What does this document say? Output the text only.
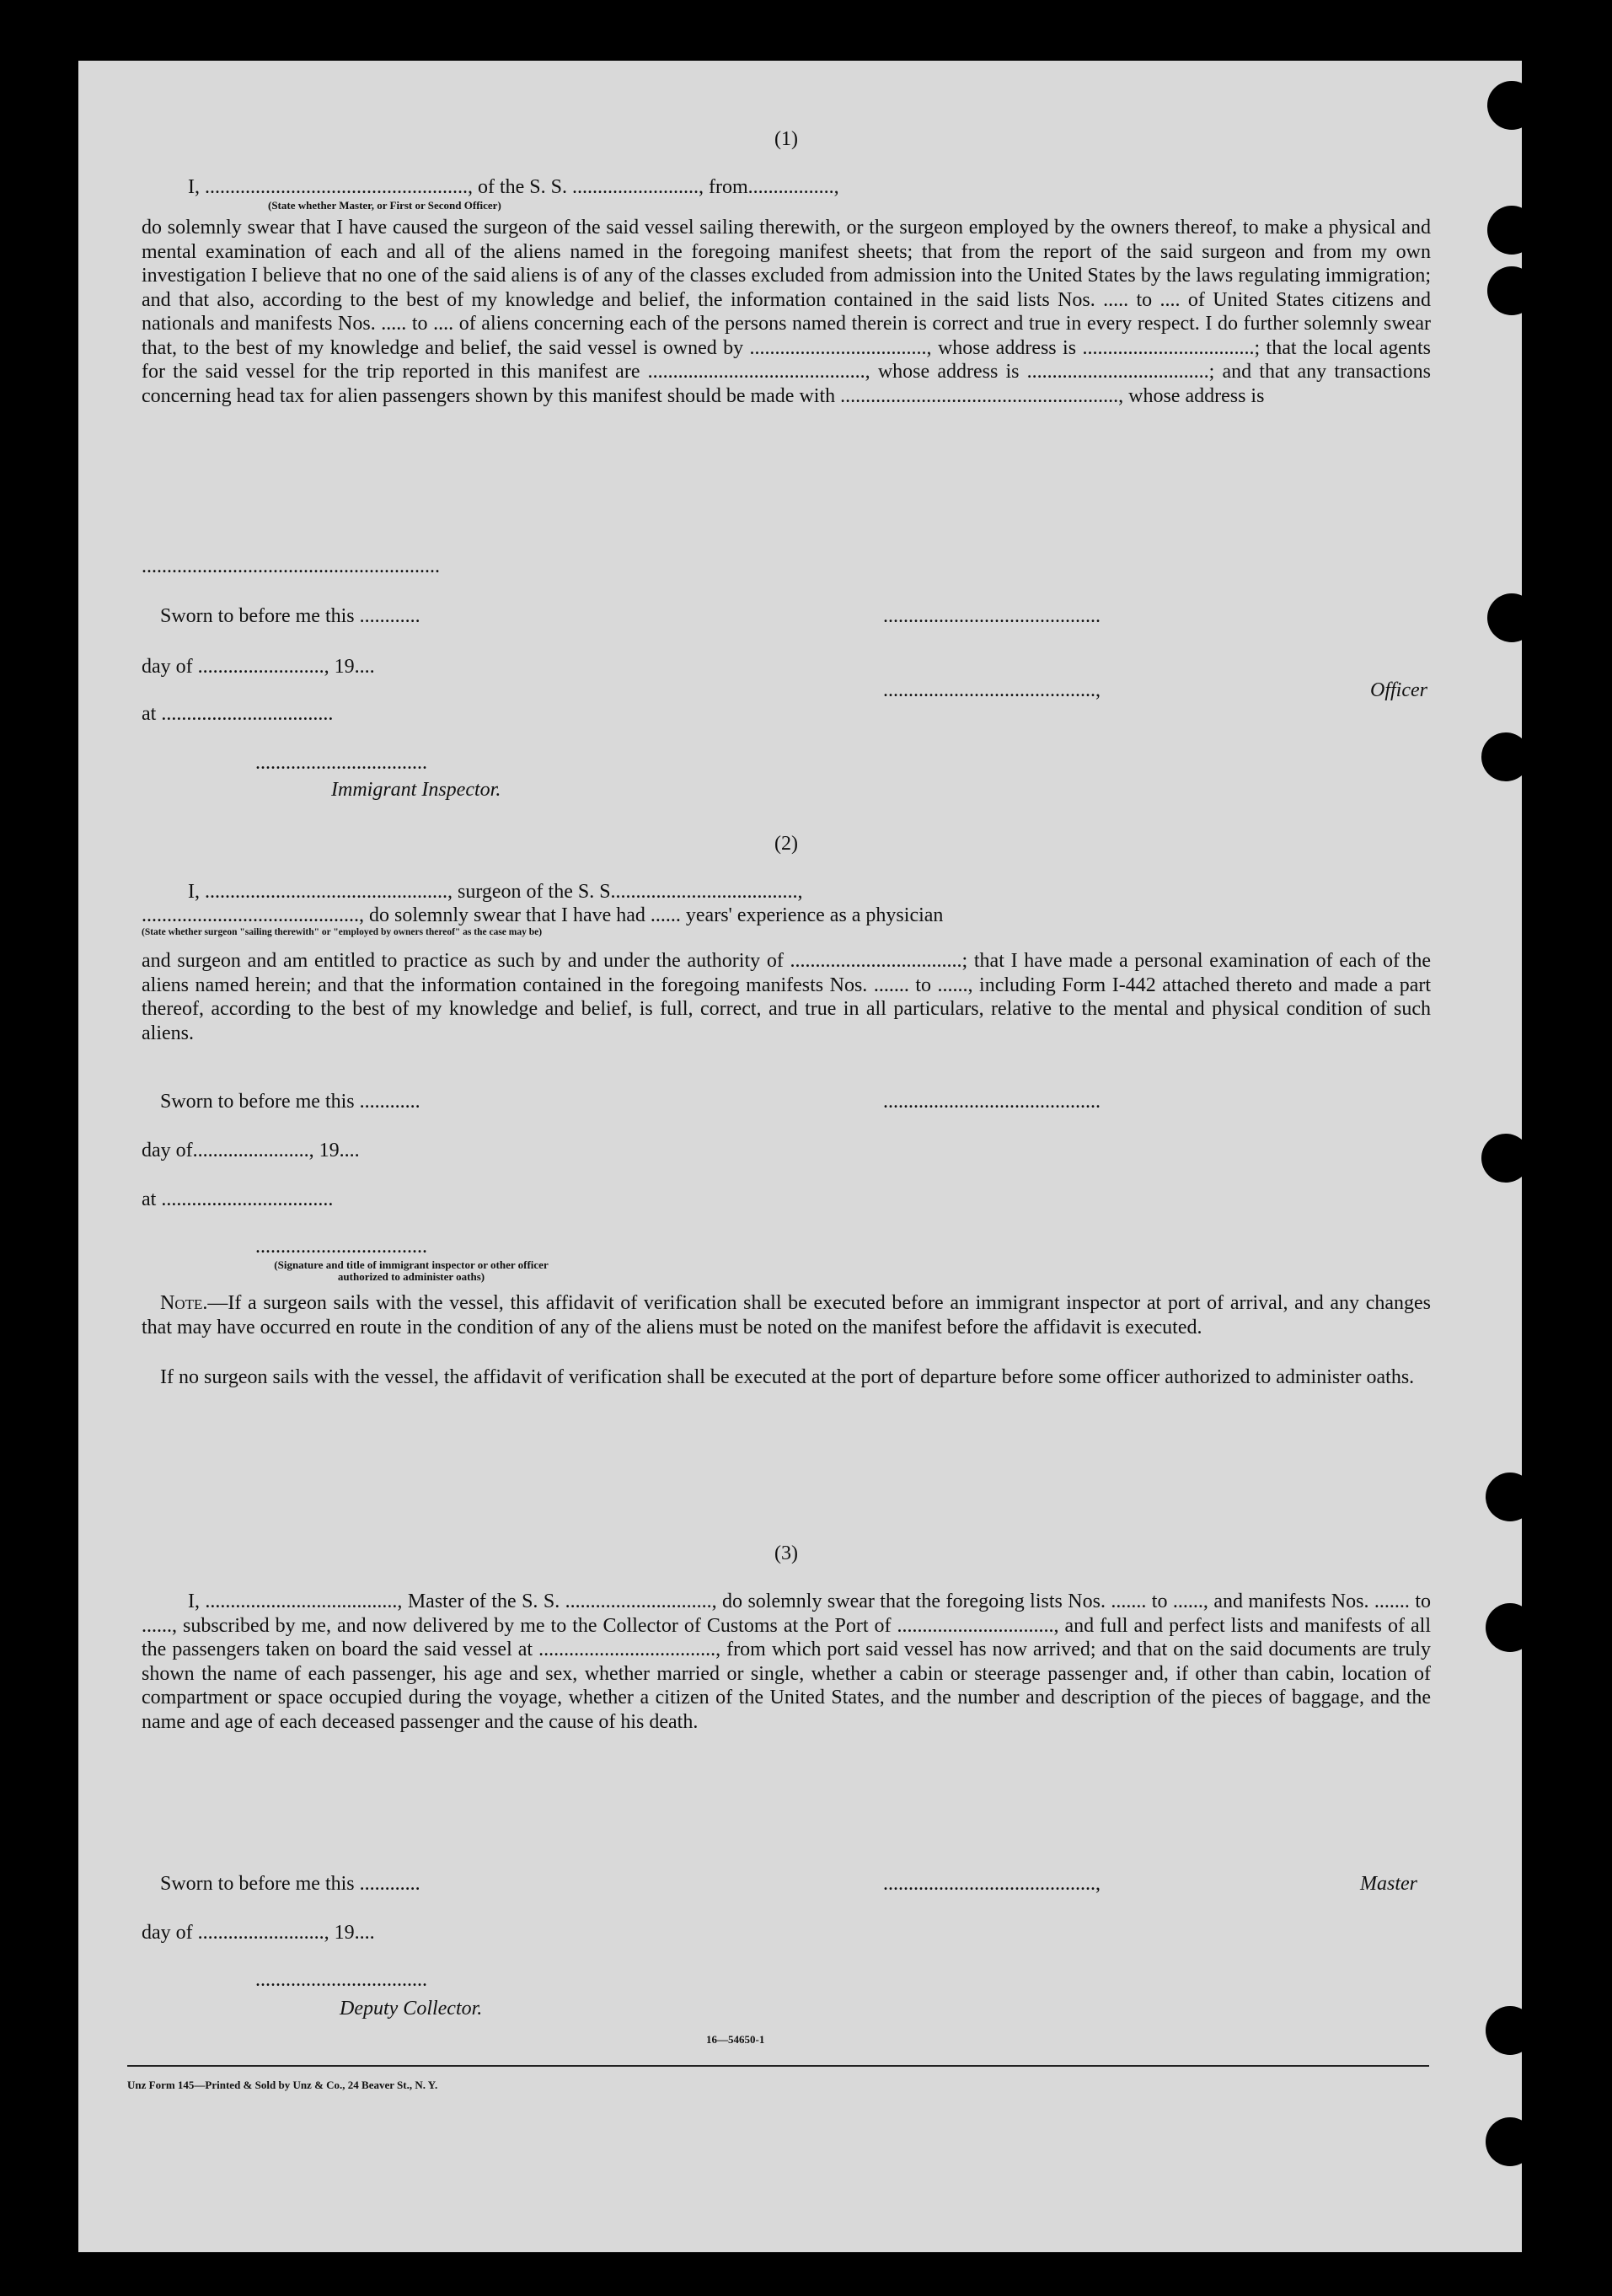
(1)
I, ...................................................., of the S. S. ........................., from.................,
(State whether Master, or First or Second Officer)
do solemnly swear that I have caused the surgeon of the said vessel sailing therewith, or the surgeon employed by the owners thereof, to make a physical and mental examination of each and all of the aliens named in the foregoing manifest sheets; that from the report of the said surgeon and from my own investigation I believe that no one of the said aliens is of any of the classes excluded from admission into the United States by the laws regulating immigration; and that also, according to the best of my knowledge and belief, the information contained in the said lists Nos. ..... to .... of United States citizens and nationals and manifests Nos. ..... to .... of aliens concerning each of the persons named therein is correct and true in every respect. I do further solemnly swear that, to the best of my knowledge and belief, the said vessel is owned by ..................................., whose address is ..................................; that the local agents for the said vessel for the trip reported in this manifest are ..........................................., whose address is ....................................; and that any transactions concerning head tax for alien passengers shown by this manifest should be made with ......................................................., whose address is
...........................................................
Sworn to before me this ............	...........................................
day of ........................., 19....
..........................................,	Officer
at ..................................
..................................
Immigrant Inspector.
(2)
I, ................................................, surgeon of the S. S.....................................,
..........................................., do solemnly swear that I have had ...... years' experience as a physician
(State whether surgeon "sailing therewith" or "employed by owners thereof" as the case may be)
and surgeon and am entitled to practice as such by and under the authority of ..................................; that I have made a personal examination of each of the aliens named herein; and that the information contained in the foregoing manifests Nos. ....... to ......, including Form I-442 attached thereto and made a part thereof, according to the best of my knowledge and belief, is full, correct, and true in all particulars, relative to the mental and physical condition of such aliens.
Sworn to before me this ............	...........................................
day of......................., 19....
at ..................................
..................................
(Signature and title of immigrant inspector or other officer authorized to administer oaths)
Note.—If a surgeon sails with the vessel, this affidavit of verification shall be executed before an immigrant inspector at port of arrival, and any changes that may have occurred en route in the condition of any of the aliens must be noted on the manifest before the affidavit is executed.
If no surgeon sails with the vessel, the affidavit of verification shall be executed at the port of departure before some officer authorized to administer oaths.
(3)
I, ......................................, Master of the S. S. ............................., do solemnly swear that the foregoing lists Nos. ....... to ......, and manifests Nos. ....... to ......, subscribed by me, and now delivered by me to the Collector of Customs at the Port of ..............................., and full and perfect lists and manifests of all the passengers taken on board the said vessel at ..................................., from which port said vessel has now arrived; and that on the said documents are truly shown the name of each passenger, his age and sex, whether married or single, whether a cabin or steerage passenger and, if other than cabin, location of compartment or space occupied during the voyage, whether a citizen of the United States, and the number and description of the pieces of baggage, and the name and age of each deceased passenger and the cause of his death.
Sworn to before me this ............	..........................................,	Master
day of ........................., 19....
..................................
Deputy Collector.
16—54650-1
Unz Form 145—Printed & Sold by Unz & Co., 24 Beaver St., N. Y.
